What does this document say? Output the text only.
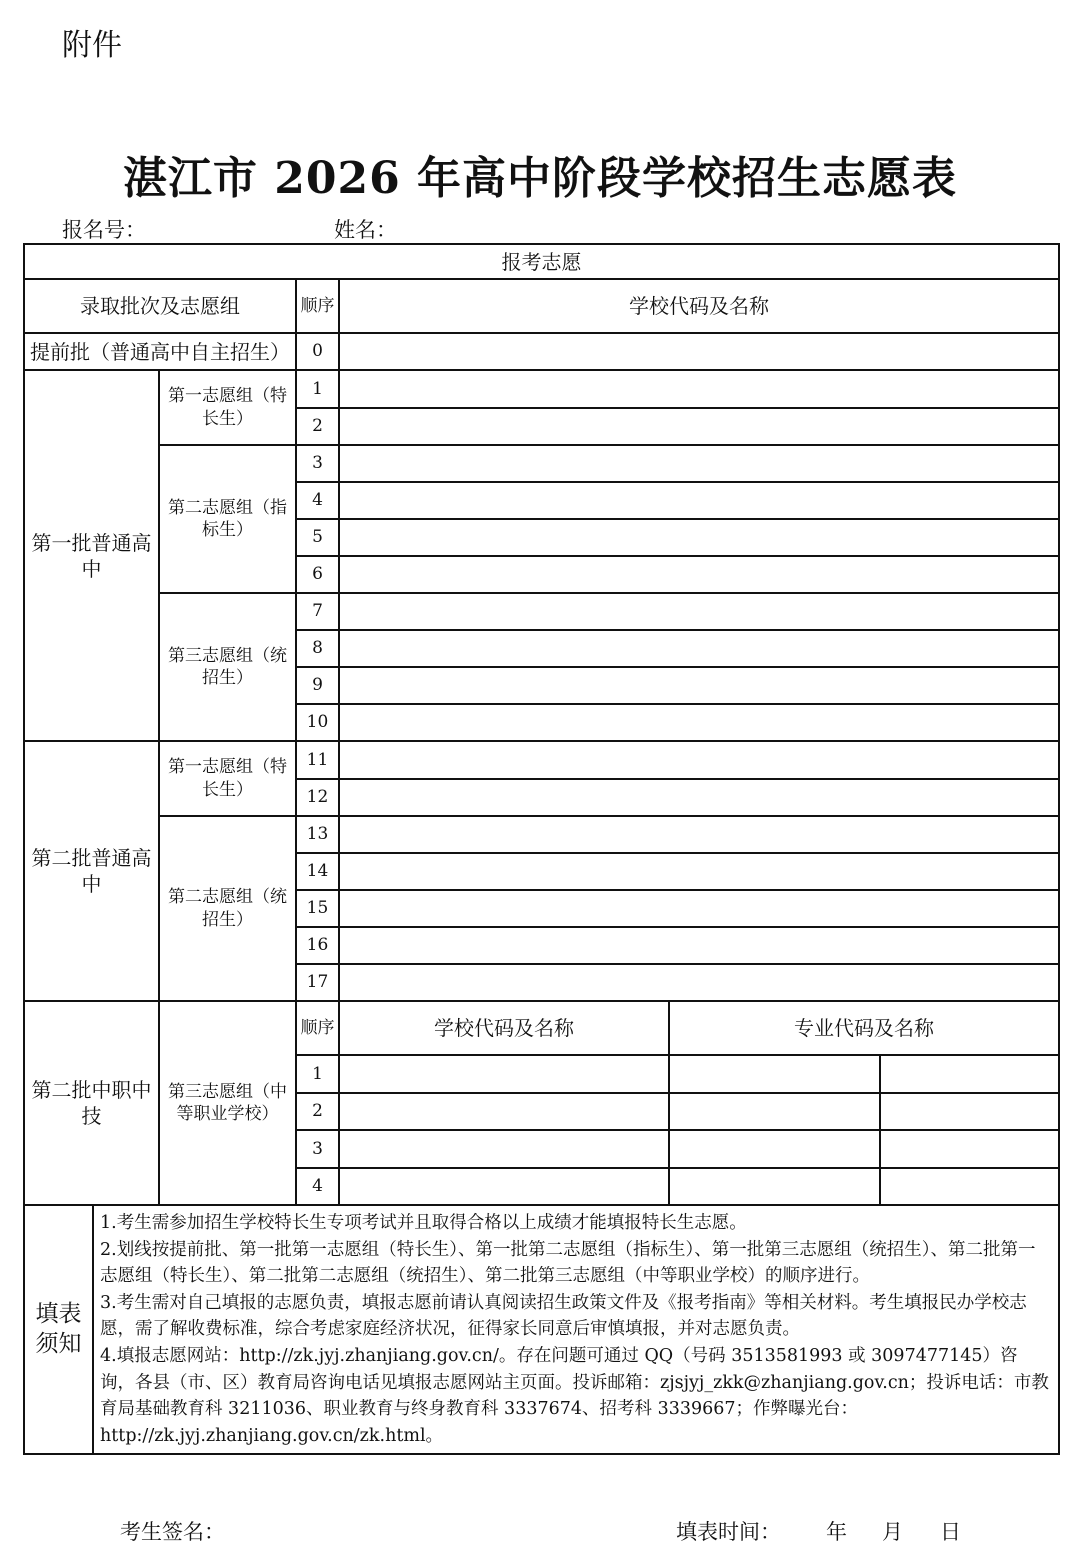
附件
湛江市 2026 年高中阶段学校招生志愿表
报名号：	姓名：
报考志愿
录取批次及志愿组	顺序	学校代码及名称
提前批（普通高中自主招生）	0	
第一批普通高中	第一志愿组（特长生）	1	
2	
第二志愿组（指标生）	3	
4	
5	
6	
第三志愿组（统招生）	7	
8	
9	
10	
第二批普通高中	第一志愿组（特长生）	11	
12	
第二志愿组（统招生）	13	
14	
15	
16	
17	
第二批中职中技	第三志愿组（中等职业学校）	顺序	学校代码及名称	专业代码及名称
1			
2			
3			
4			

填表须知	

1.考生需参加招生学校特长生专项考试并且取得合格以上成绩才能填报特长生志愿。

2.划线按提前批、第一批第一志愿组（特长生）、第一批第二志愿组（指标生）、第一批第三志愿组（统招生）、第二批第一志愿组（特长生）、第二批第二志愿组（统招生）、第二批第三志愿组（中等职业学校）的顺序进行。

3.考生需对自己填报的志愿负责，填报志愿前请认真阅读招生政策文件及《报考指南》等相关材料。考生填报民办学校志愿，需了解收费标准，综合考虑家庭经济状况，征得家长同意后审慎填报，并对志愿负责。

4.填报志愿网站：http://zk.jyj.zhanjiang.gov.cn/。存在问题可通过 QQ（号码 3513581993 或 3097477145）咨询，各县（市、区）教育局咨询电话见填报志愿网站主页面。投诉邮箱：zjsjyj_zkk@zhanjiang.gov.cn；投诉电话：市教育局基础教育科 3211036、职业教育与终身教育科 3337674、招考科 3339667；作弊曝光台：http://zk.jyj.zhanjiang.gov.cn/zk.html。

考生签名：	填表时间： 年 月 日
